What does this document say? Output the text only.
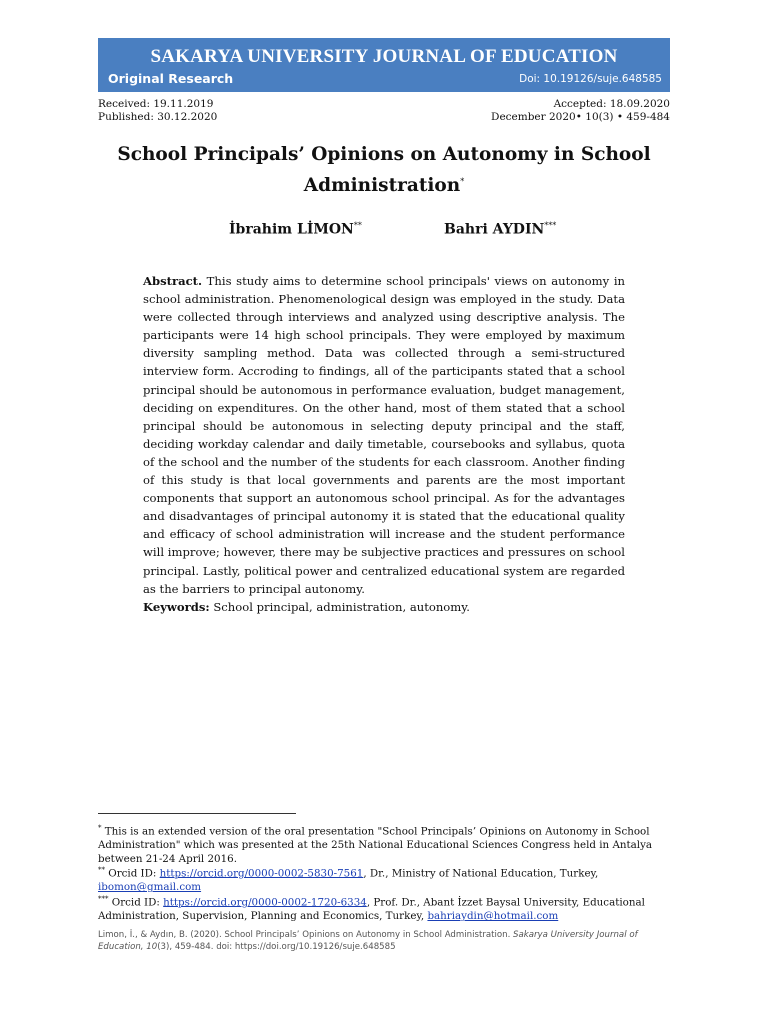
SAKARYA UNIVERSITY JOURNAL OF EDUCATION
Original Research	Doi: 10.19126/suje.648585
Received: 19.11.2019
Published: 30.12.2020
Accepted: 18.09.2020
December 2020• 10(3) • 459-484
School Principals’ Opinions on Autonomy in School
Administration*
İbrahim LİMON**	Bahri AYDIN***
Abstract. This study aims to determine school principals' views on autonomy in school administration. Phenomenological design was employed in the study. Data were collected through interviews and analyzed using descriptive analysis. The participants were 14 high school principals. They were employed by maximum diversity sampling method. Data was collected through a semi-structured interview form. Accroding to findings, all of the participants stated that a school principal should be autonomous in performance evaluation, budget management, deciding on expenditures. On the other hand, most of them stated that a school principal should be autonomous in selecting deputy principal and the staff, deciding workday calendar and daily timetable, coursebooks and syllabus, quota of the school and the number of the students for each classroom. Another finding of this study is that local governments and parents are the most important components that support an autonomous school principal. As for the advantages and disadvantages of principal autonomy it is stated that the educational quality and efficacy of school administration will increase and the student performance will improve; however, there may be subjective practices and pressures on school principal. Lastly, political power and centralized educational system are regarded as the barriers to principal autonomy.
Keywords: School principal, administration, autonomy.
* This is an extended version of the oral presentation "School Principals’ Opinions on Autonomy in School Administration" which was presented at the 25th National Educational Sciences Congress held in Antalya between 21-24 April 2016.
** Orcid ID: https://orcid.org/0000-0002-5830-7561, Dr., Ministry of National Education, Turkey, ibomon@gmail.com
*** Orcid ID: https://orcid.org/0000-0002-1720-6334, Prof. Dr., Abant İzzet Baysal University, Educational Administration, Supervision, Planning and Economics, Turkey, bahriaydin@hotmail.com
Limon, İ., & Aydın, B. (2020). School Principals’ Opinions on Autonomy in School Administration. Sakarya University Journal of Education, 10(3), 459-484. doi: https://doi.org/10.19126/suje.648585
